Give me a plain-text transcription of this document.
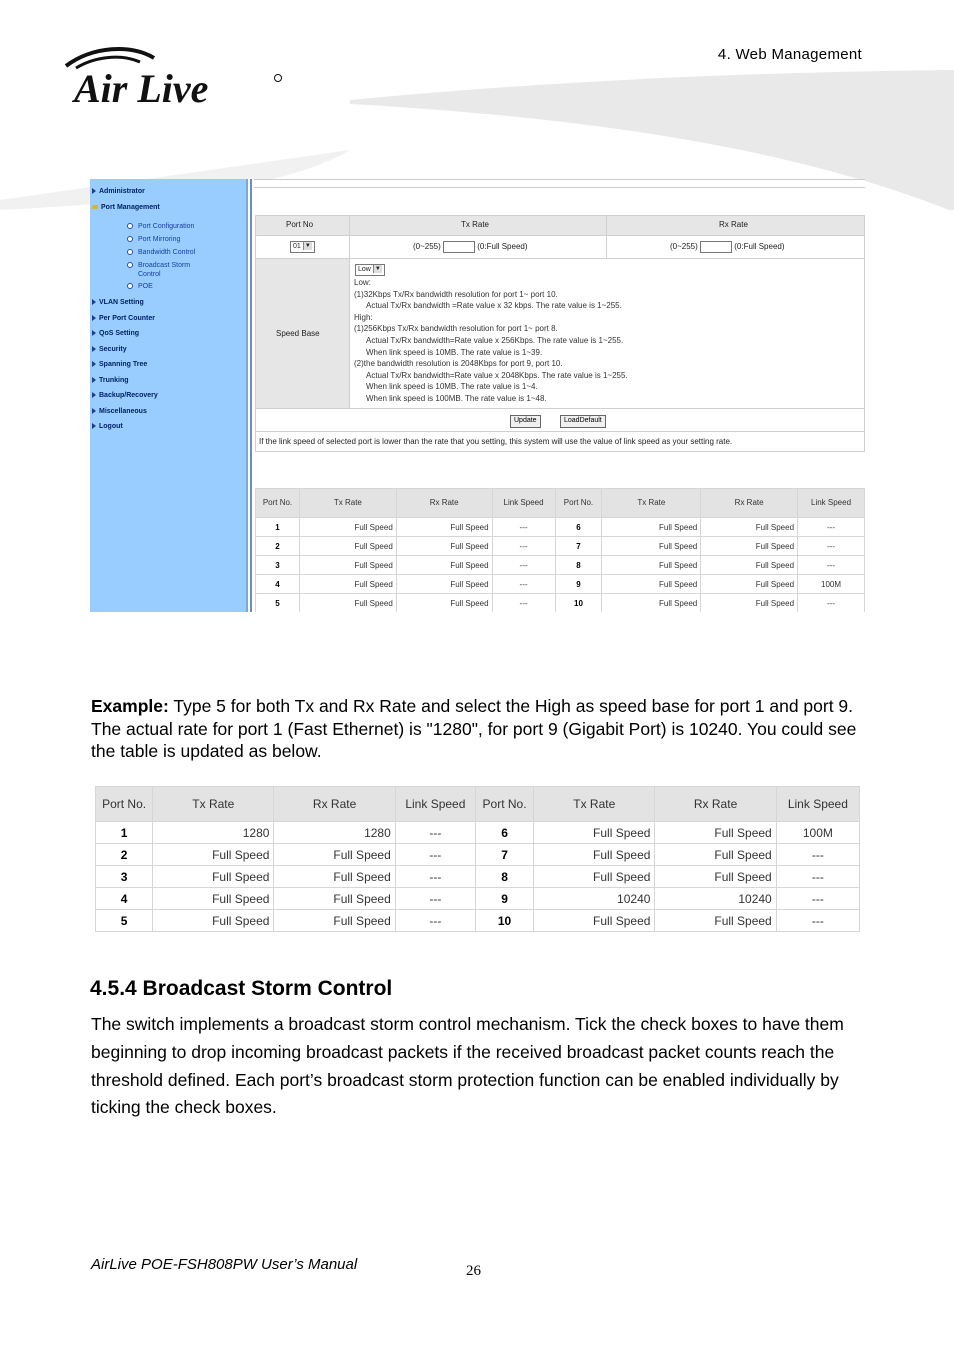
Air Live
4. Web Management
Administrator
Port Management
Port Configuration
Port Mirroring
Bandwidth Control
Broadcast Storm Control
POE
VLAN Setting
Per Port Counter
QoS Setting
Security
Spanning Tree
Trunking
Backup/Recovery
Miscellaneous
Logout
Port No	Tx Rate	Rx Rate
01 ▼	(0~255)	(0:Full Speed)	(0~255)	(0:Full Speed)
Speed Base
Low ▼
Low:
(1)32Kbps Tx/Rx bandwidth resolution for port 1~ port 10.
Actual Tx/Rx bandwidth =Rate value x 32 kbps. The rate value is 1~255.
High:
(1)256Kbps Tx/Rx bandwidth resolution for port 1~ port 8.
Actual Tx/Rx bandwidth=Rate value x 256Kbps. The rate value is 1~255.
When link speed is 10MB. The rate value is 1~39.
(2)the bandwidth resolution is 2048Kbps for port 9, port 10.
Actual Tx/Rx bandwidth=Rate value x 2048Kbps. The rate value is 1~255.
When link speed is 10MB. The rate value is 1~4.
When link speed is 100MB. The rate value is 1~48.
Update	LoadDefault
If the link speed of selected port is lower than the rate that you setting, this system will use the value of link speed as your setting rate.
Port No.	Tx Rate	Rx Rate	Link Speed	Port No.	Tx Rate	Rx Rate	Link Speed
1	Full Speed	Full Speed	---	6	Full Speed	Full Speed	---
2	Full Speed	Full Speed	---	7	Full Speed	Full Speed	---
3	Full Speed	Full Speed	---	8	Full Speed	Full Speed	---
4	Full Speed	Full Speed	---	9	Full Speed	Full Speed	100M
5	Full Speed	Full Speed	---	10	Full Speed	Full Speed	---
Example: Type 5 for both Tx and Rx Rate and select the High as speed base for port 1 and port 9. The actual rate for port 1 (Fast Ethernet) is "1280", for port 9 (Gigabit Port) is 10240. You could see the table is updated as below.
Port No.	Tx Rate	Rx Rate	Link Speed	Port No.	Tx Rate	Rx Rate	Link Speed
1	1280	1280	---	6	Full Speed	Full Speed	100M
2	Full Speed	Full Speed	---	7	Full Speed	Full Speed	---
3	Full Speed	Full Speed	---	8	Full Speed	Full Speed	---
4	Full Speed	Full Speed	---	9	10240	10240	---
5	Full Speed	Full Speed	---	10	Full Speed	Full Speed	---
4.5.4 Broadcast Storm Control
The switch implements a broadcast storm control mechanism. Tick the check boxes to have them beginning to drop incoming broadcast packets if the received broadcast packet counts reach the threshold defined. Each port’s broadcast storm protection function can be enabled individually by ticking the check boxes.
AirLive POE-FSH808PW User’s Manual	26
